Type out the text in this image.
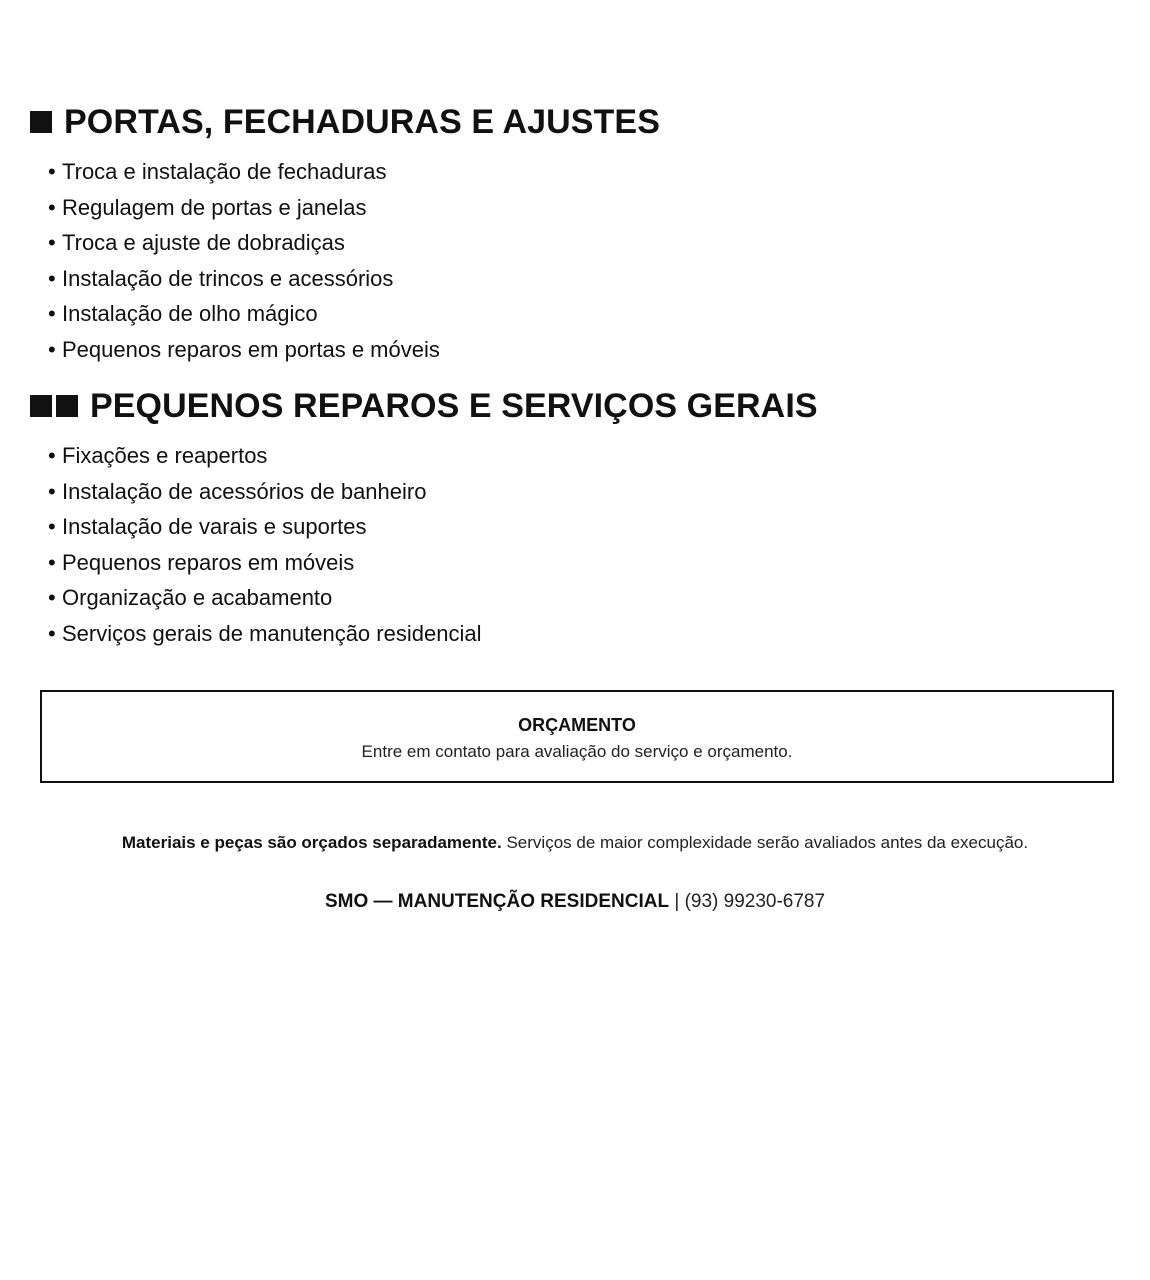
PORTAS, FECHADURAS E AJUSTES
• Troca e instalação de fechaduras
• Regulagem de portas e janelas
• Troca e ajuste de dobradiças
• Instalação de trincos e acessórios
• Instalação de olho mágico
• Pequenos reparos em portas e móveis
PEQUENOS REPAROS E SERVIÇOS GERAIS
• Fixações e reapertos
• Instalação de acessórios de banheiro
• Instalação de varais e suportes
• Pequenos reparos em móveis
• Organização e acabamento
• Serviços gerais de manutenção residencial
ORÇAMENTO
Entre em contato para avaliação do serviço e orçamento.
Materiais e peças são orçados separadamente. Serviços de maior complexidade serão avaliados antes da execução.
SMO — MANUTENÇÃO RESIDENCIAL | (93) 99230-6787
